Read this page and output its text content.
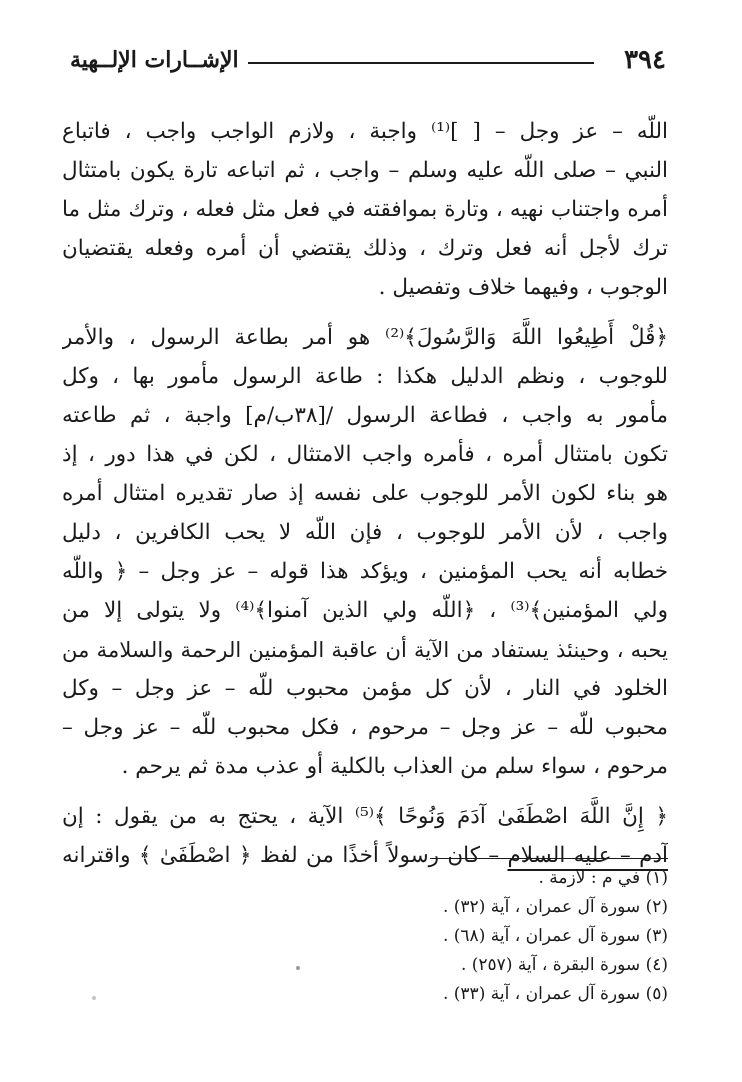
٣٩٤
الإشــارات الإلــهية
اللّه – عز وجل – [ ]⁽¹⁾ واجبة ، ولازم الواجب واجب ، فاتباع
النبي – صلى اللّه عليه وسلم – واجب ، ثم اتباعه تارة يكون بامتثال
أمره واجتناب نهيه ، وتارة بموافقته في فعل مثل فعله ، وترك مثل ما
ترك لأجل أنه فعل وترك ، وذلك يقتضي أن أمره وفعله يقتضيان
الوجوب ، وفيهما خلاف وتفصيل .
﴿قُلْ أَطِيعُوا اللَّهَ وَالرَّسُولَ﴾⁽²⁾ هو أمر بطاعة الرسول ، والأمر
للوجوب ، ونظم الدليل هكذا : طاعة الرسول مأمور بها ، وكل
مأمور به واجب ، فطاعة الرسول /[٣٨ب/م] واجبة ، ثم طاعته
تكون بامتثال أمره ، فأمره واجب الامتثال ، لكن في هذا دور ، إذ
هو بناء لكون الأمر للوجوب على نفسه إذ صار تقديره امتثال أمره
واجب ، لأن الأمر للوجوب ، فإن اللّه لا يحب الكافرين ، دليل
خطابه أنه يحب المؤمنين ، ويؤكد هذا قوله – عز وجل – ﴿ واللّه
ولي المؤمنين﴾⁽³⁾ ، ﴿اللّه ولي الذين آمنوا﴾⁽⁴⁾ ولا يتولى إلا من
يحبه ، وحينئذ يستفاد من الآية أن عاقبة المؤمنين الرحمة والسلامة من
الخلود في النار ، لأن كل مؤمن محبوب للّه – عز وجل – وكل
محبوب للّه – عز وجل – مرحوم ، فكل محبوب للّه – عز وجل –
مرحوم ، سواء سلم من العذاب بالكلية أو عذب مدة ثم يرحم .
﴿ إِنَّ اللَّهَ اصْطَفَىٰ آدَمَ وَنُوحًا ﴾⁽⁵⁾ الآية ، يحتج به من يقول : إن
آدم – عليه السلام – كان رسولاً أخذًا من لفظ ﴿ اصْطَفَىٰ ﴾ واقترانه
(١) في م : لازمة .
(٢) سورة آل عمران ، آية (٣٢) .
(٣) سورة آل عمران ، آية (٦٨) .
(٤) سورة البقرة ، آية (٢٥٧) .
(٥) سورة آل عمران ، آية (٣٣) .
